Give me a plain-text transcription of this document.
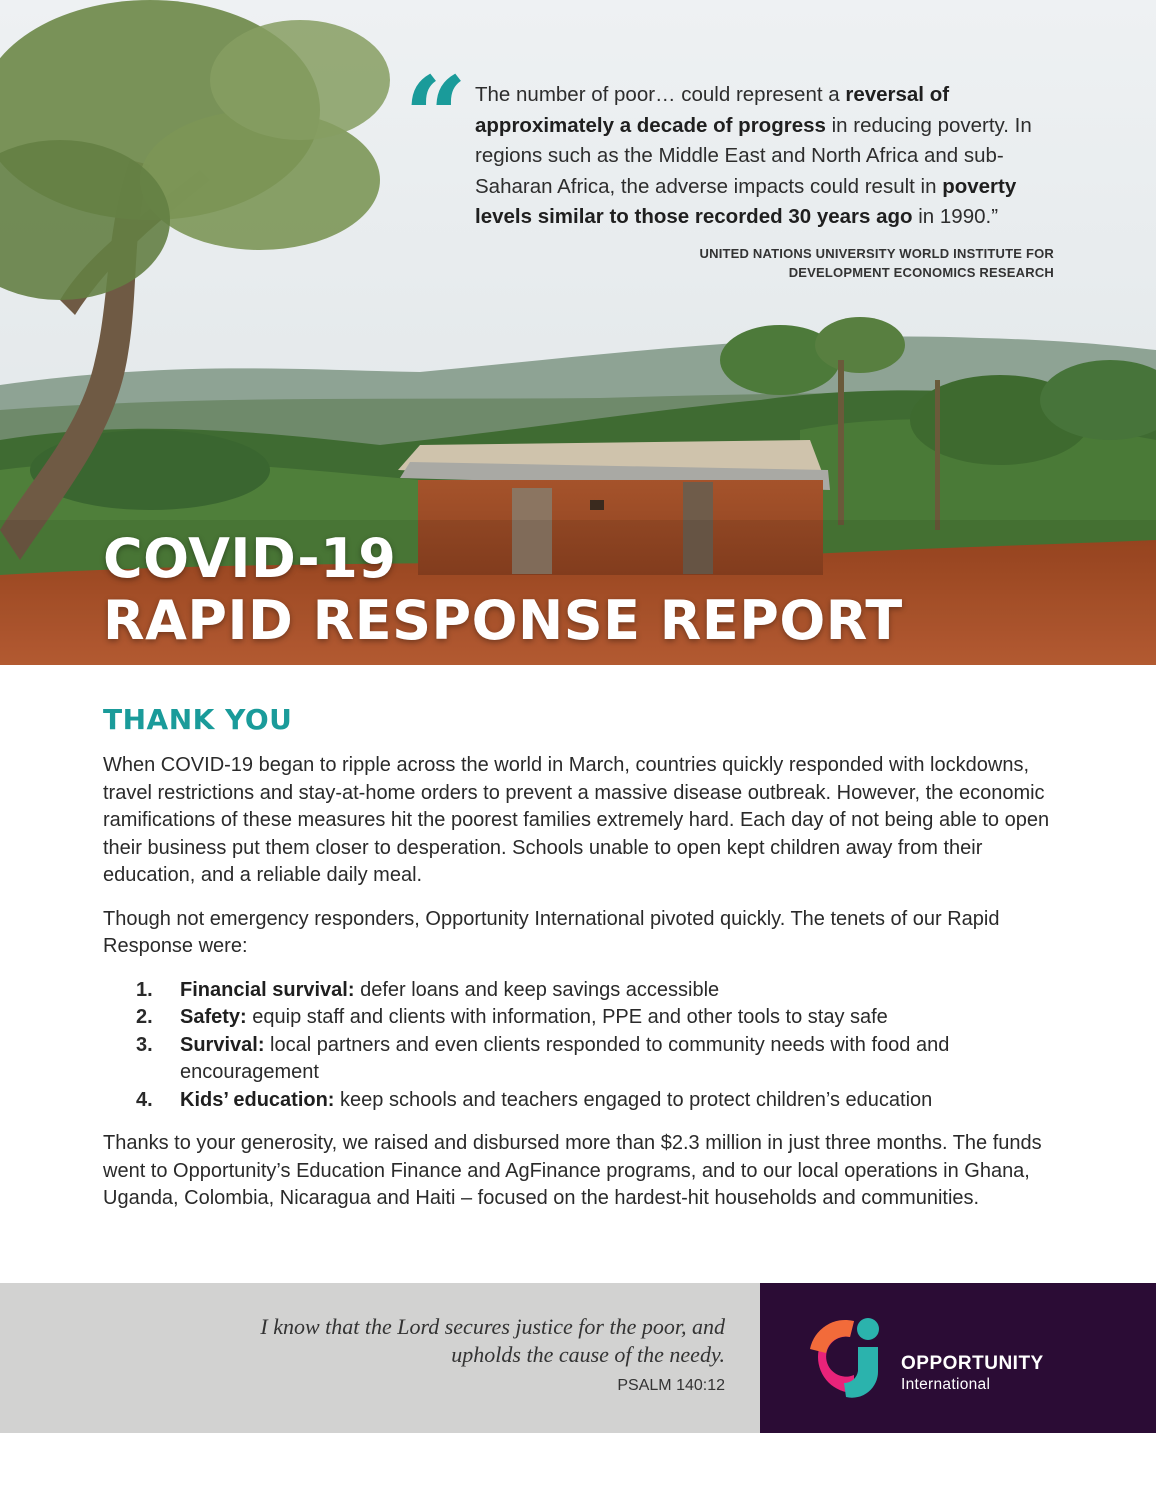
“ The number of poor… could represent a reversal of approximately a decade of progress in reducing poverty. In regions such as the Middle East and North Africa and sub-Saharan Africa, the adverse impacts could result in poverty levels similar to those recorded 30 years ago in 1990.”
UNITED NATIONS UNIVERSITY WORLD INSTITUTE FOR
DEVELOPMENT ECONOMICS RESEARCH
COVID-19
RAPID RESPONSE REPORT
THANK YOU

When COVID-19 began to ripple across the world in March, countries quickly responded with lockdowns, travel restrictions and stay-at-home orders to prevent a massive disease outbreak. However, the economic ramifications of these measures hit the poorest families extremely hard. Each day of not being able to open their business put them closer to desperation. Schools unable to open kept children away from their education, and a reliable daily meal.

Though not emergency responders, Opportunity International pivoted quickly. The tenets of our Rapid Response were:

1. Financial survival: defer loans and keep savings accessible
2. Safety: equip staff and clients with information, PPE and other tools to stay safe
3. Survival: local partners and even clients responded to community needs with food and encouragement
4. Kids’ education: keep schools and teachers engaged to protect children’s education

Thanks to your generosity, we raised and disbursed more than $2.3 million in just three months. The funds went to Opportunity’s Education Finance and AgFinance programs, and to our local operations in Ghana, Uganda, Colombia, Nicaragua and Haiti – focused on the hardest-hit households and communities.

I know that the Lord secures justice for the poor, and
upholds the cause of the needy.
PSALM 140:12
OPPORTUNITY
International
